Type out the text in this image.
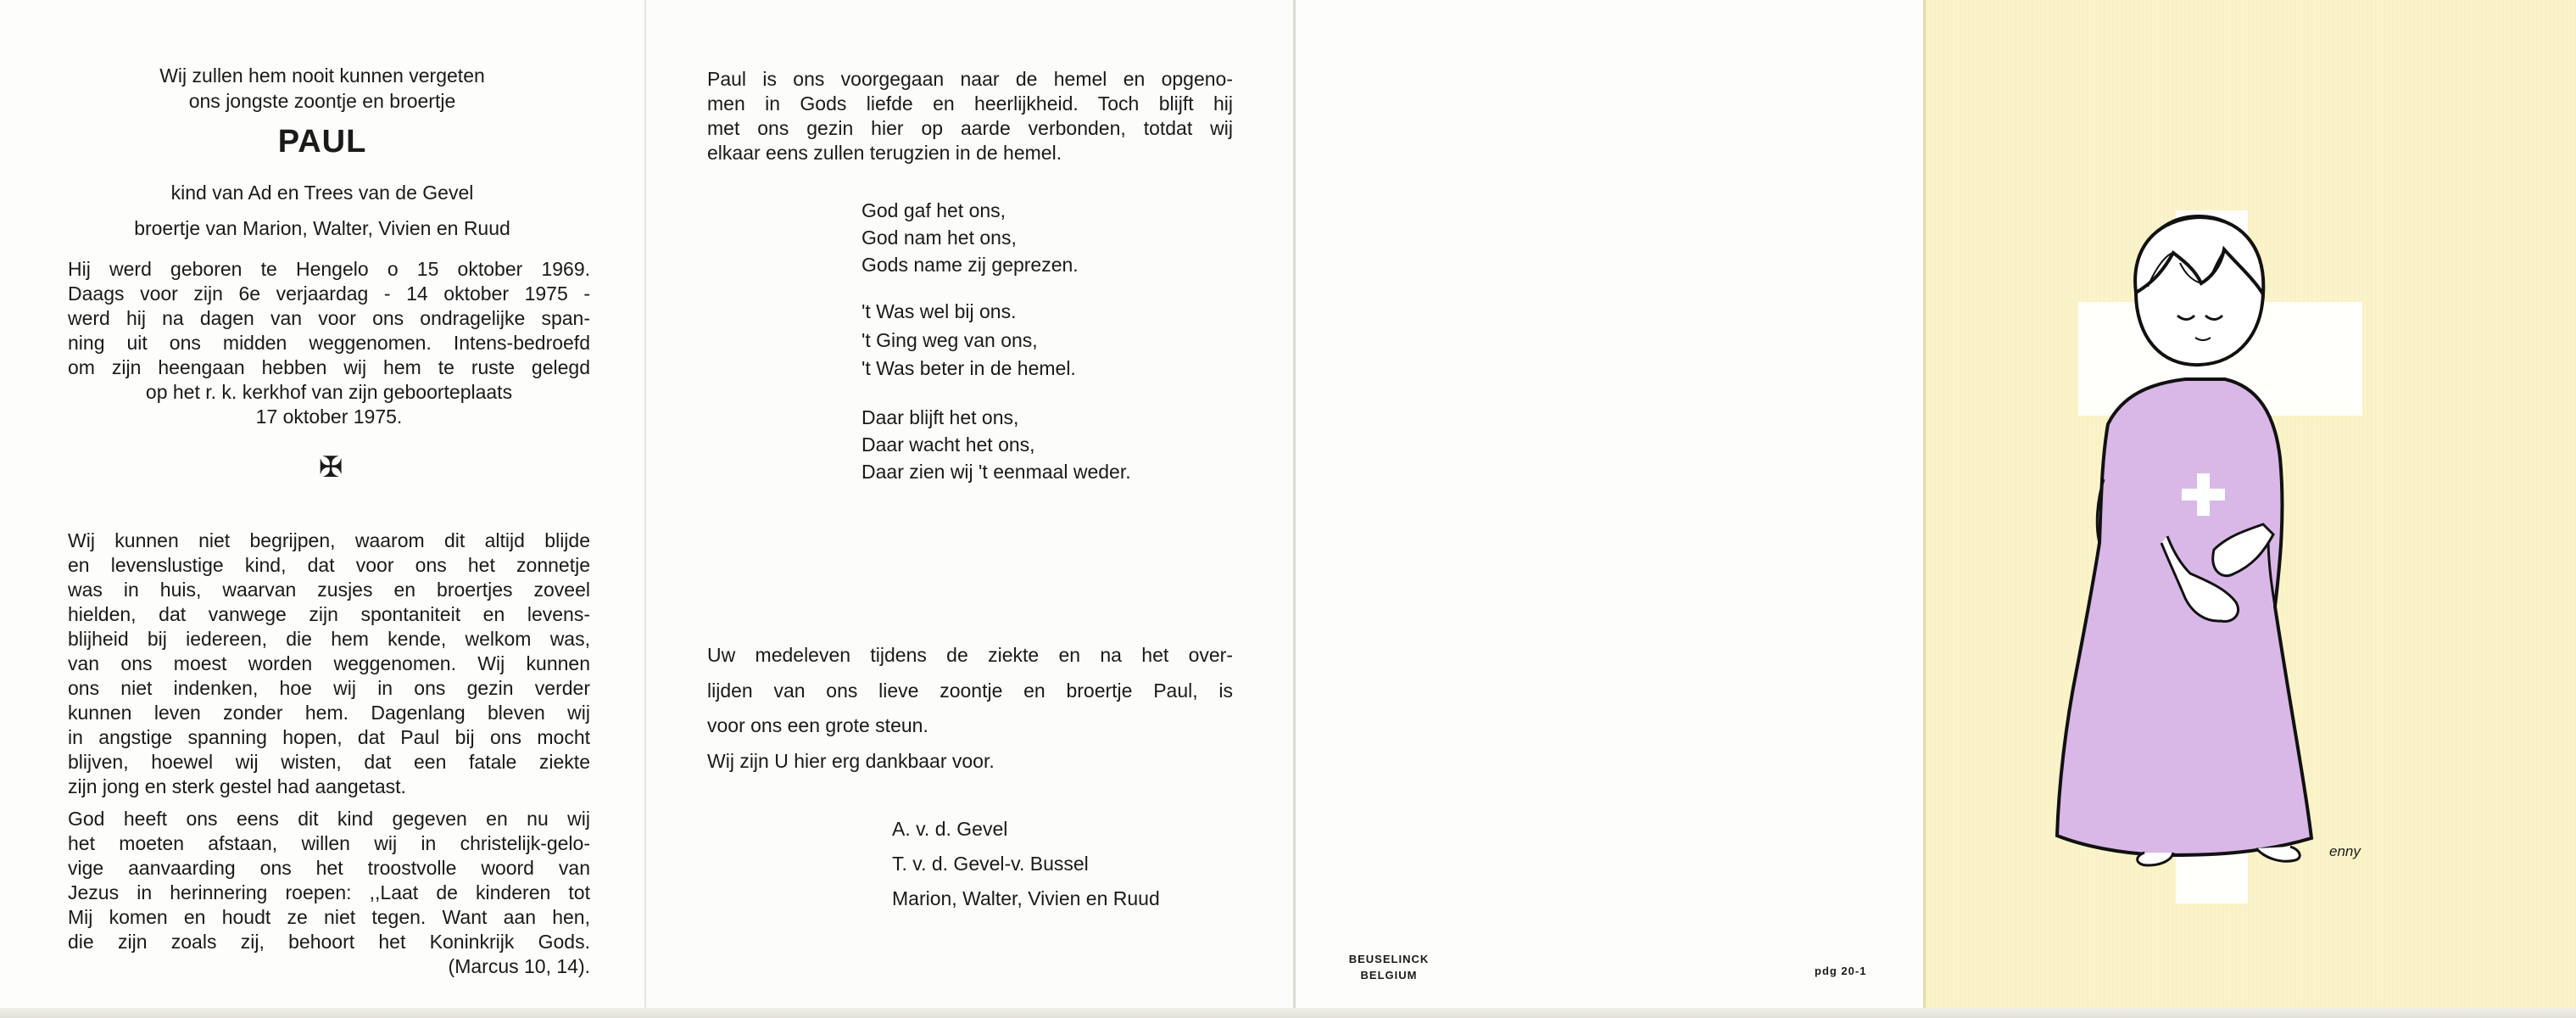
Wij zullen hem nooit kunnen vergeten

ons jongste zoontje en broertje

PAUL

kind van Ad en Trees van de Gevel

broertje van Marion, Walter, Vivien en Ruud

Hij werd geboren te Hengelo o 15 oktober 1969.

Daags voor zijn 6e verjaardag - 14 oktober 1975 -

werd hij na dagen van voor ons ondragelijke span-

ning uit ons midden weggenomen. Intens-bedroefd

om zijn heengaan hebben wij hem te ruste gelegd

op het r. k. kerkhof van zijn geboorteplaats

17 oktober 1975.

✠

Wij kunnen niet begrijpen, waarom dit altijd blijde

en levenslustige kind, dat voor ons het zonnetje

was in huis, waarvan zusjes en broertjes zoveel

hielden, dat vanwege zijn spontaniteit en levens-

blijheid bij iedereen, die hem kende, welkom was,

van ons moest worden weggenomen. Wij kunnen

ons niet indenken, hoe wij in ons gezin verder

kunnen leven zonder hem. Dagenlang bleven wij

in angstige spanning hopen, dat Paul bij ons mocht

blijven, hoewel wij wisten, dat een fatale ziekte

zijn jong en sterk gestel had aangetast.

God heeft ons eens dit kind gegeven en nu wij

het moeten afstaan, willen wij in christelijk-gelo-

vige aanvaarding ons het troostvolle woord van

Jezus in herinnering roepen: ,,Laat de kinderen tot

Mij komen en houdt ze niet tegen. Want aan hen,

die zijn zoals zij, behoort het Koninkrijk Gods.

(Marcus 10, 14).

Paul is ons voorgegaan naar de hemel en opgeno-

men in Gods liefde en heerlijkheid. Toch blijft hij

met ons gezin hier op aarde verbonden, totdat wij

elkaar eens zullen terugzien in de hemel.

God gaf het ons,

God nam het ons,

Gods name zij geprezen.

't Was wel bij ons.

't Ging weg van ons,

't Was beter in de hemel.

Daar blijft het ons,

Daar wacht het ons,

Daar zien wij 't eenmaal weder.

Uw medeleven tijdens de ziekte en na het over-

lijden van ons lieve zoontje en broertje Paul, is

voor ons een grote steun.

Wij zijn U hier erg dankbaar voor.

A. v. d. Gevel

T. v. d. Gevel-v. Bussel

Marion, Walter, Vivien en Ruud

BEUSELINCK

BELGIUM	pdg 20-1

enny
